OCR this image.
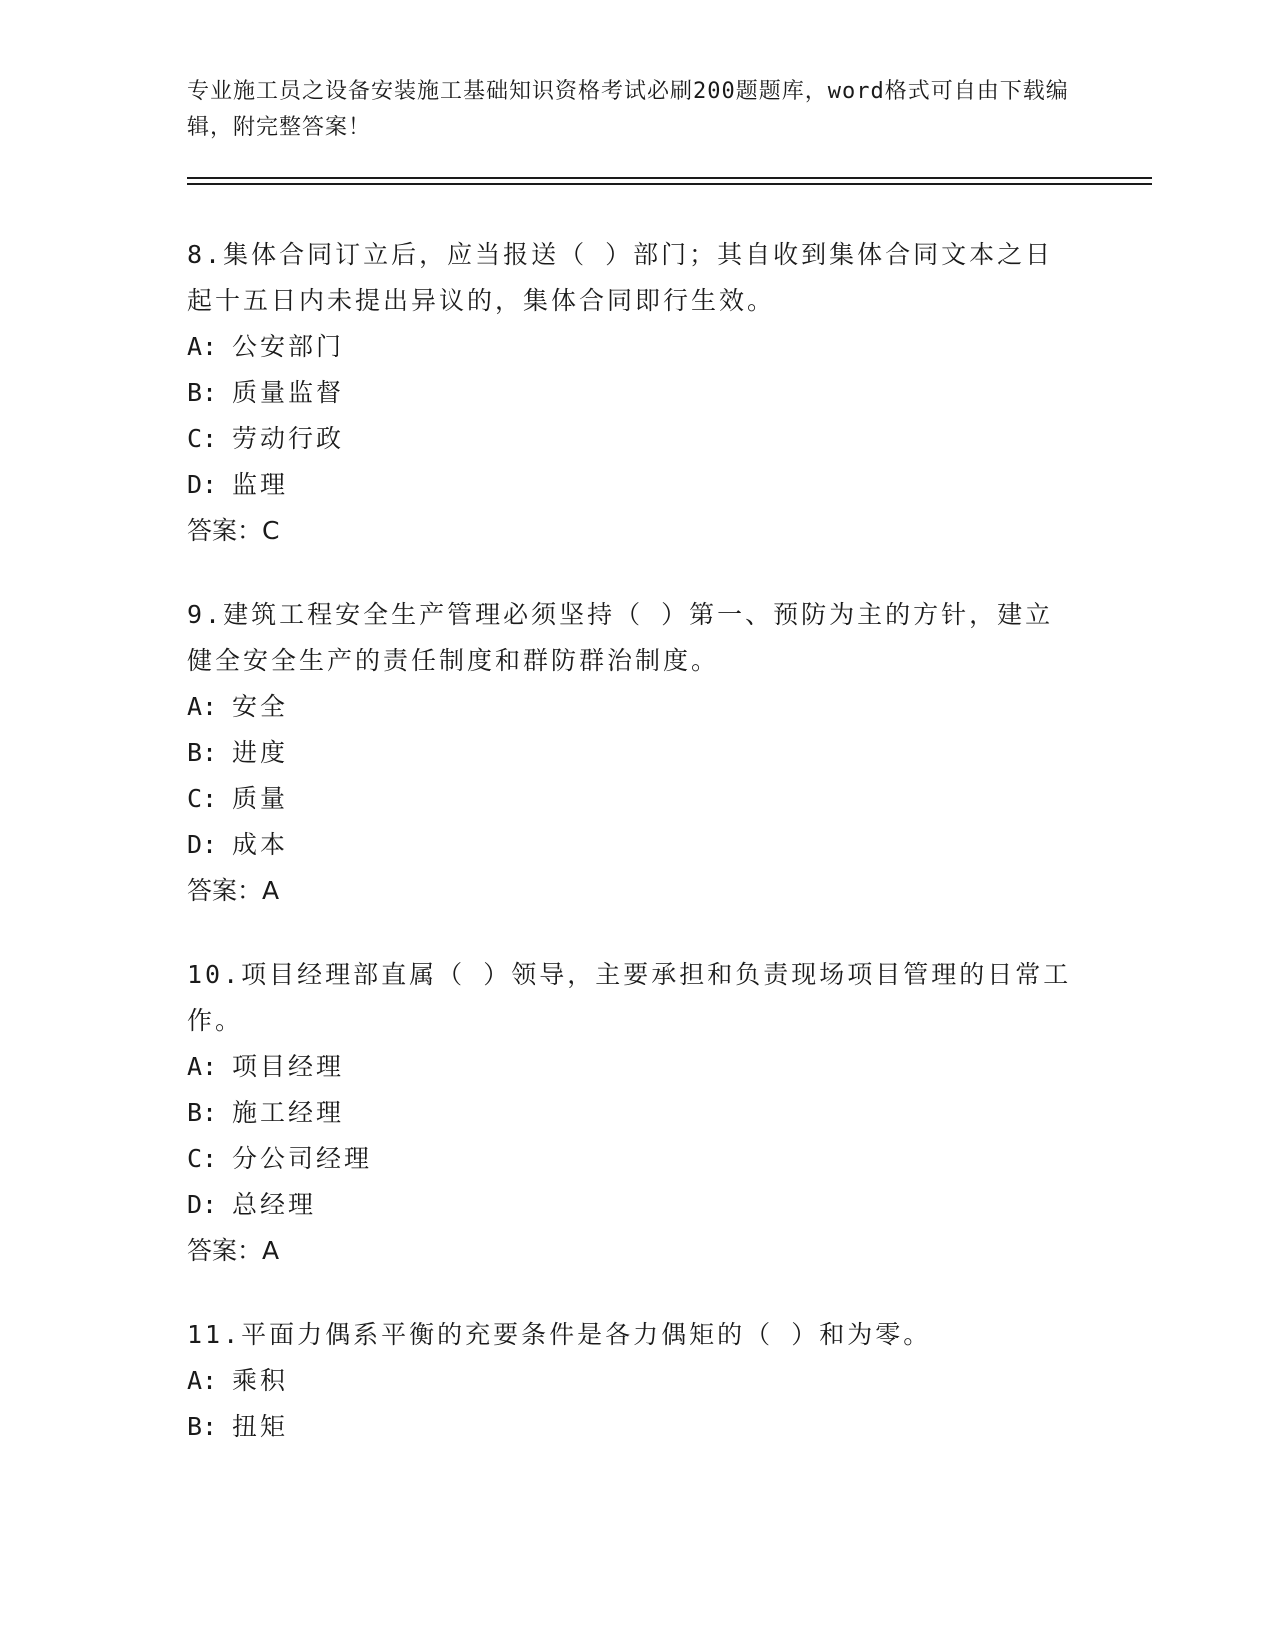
专业施工员之设备安装施工基础知识资格考试必刷200题题库，word格式可自由下载编辑，附完整答案！
8.集体合同订立后，应当报送（ ）部门；其自收到集体合同文本之日起十五日内未提出异议的，集体合同即行生效。
A: 公安部门
B: 质量监督
C: 劳动行政
D: 监理
答案：C
9.建筑工程安全生产管理必须坚持（ ）第一、预防为主的方针，建立健全安全生产的责任制度和群防群治制度。
A: 安全
B: 进度
C: 质量
D: 成本
答案：A
10.项目经理部直属（ ）领导，主要承担和负责现场项目管理的日常工作。
A: 项目经理
B: 施工经理
C: 分公司经理
D: 总经理
答案：A
11.平面力偶系平衡的充要条件是各力偶矩的（ ）和为零。
A: 乘积
B: 扭矩
